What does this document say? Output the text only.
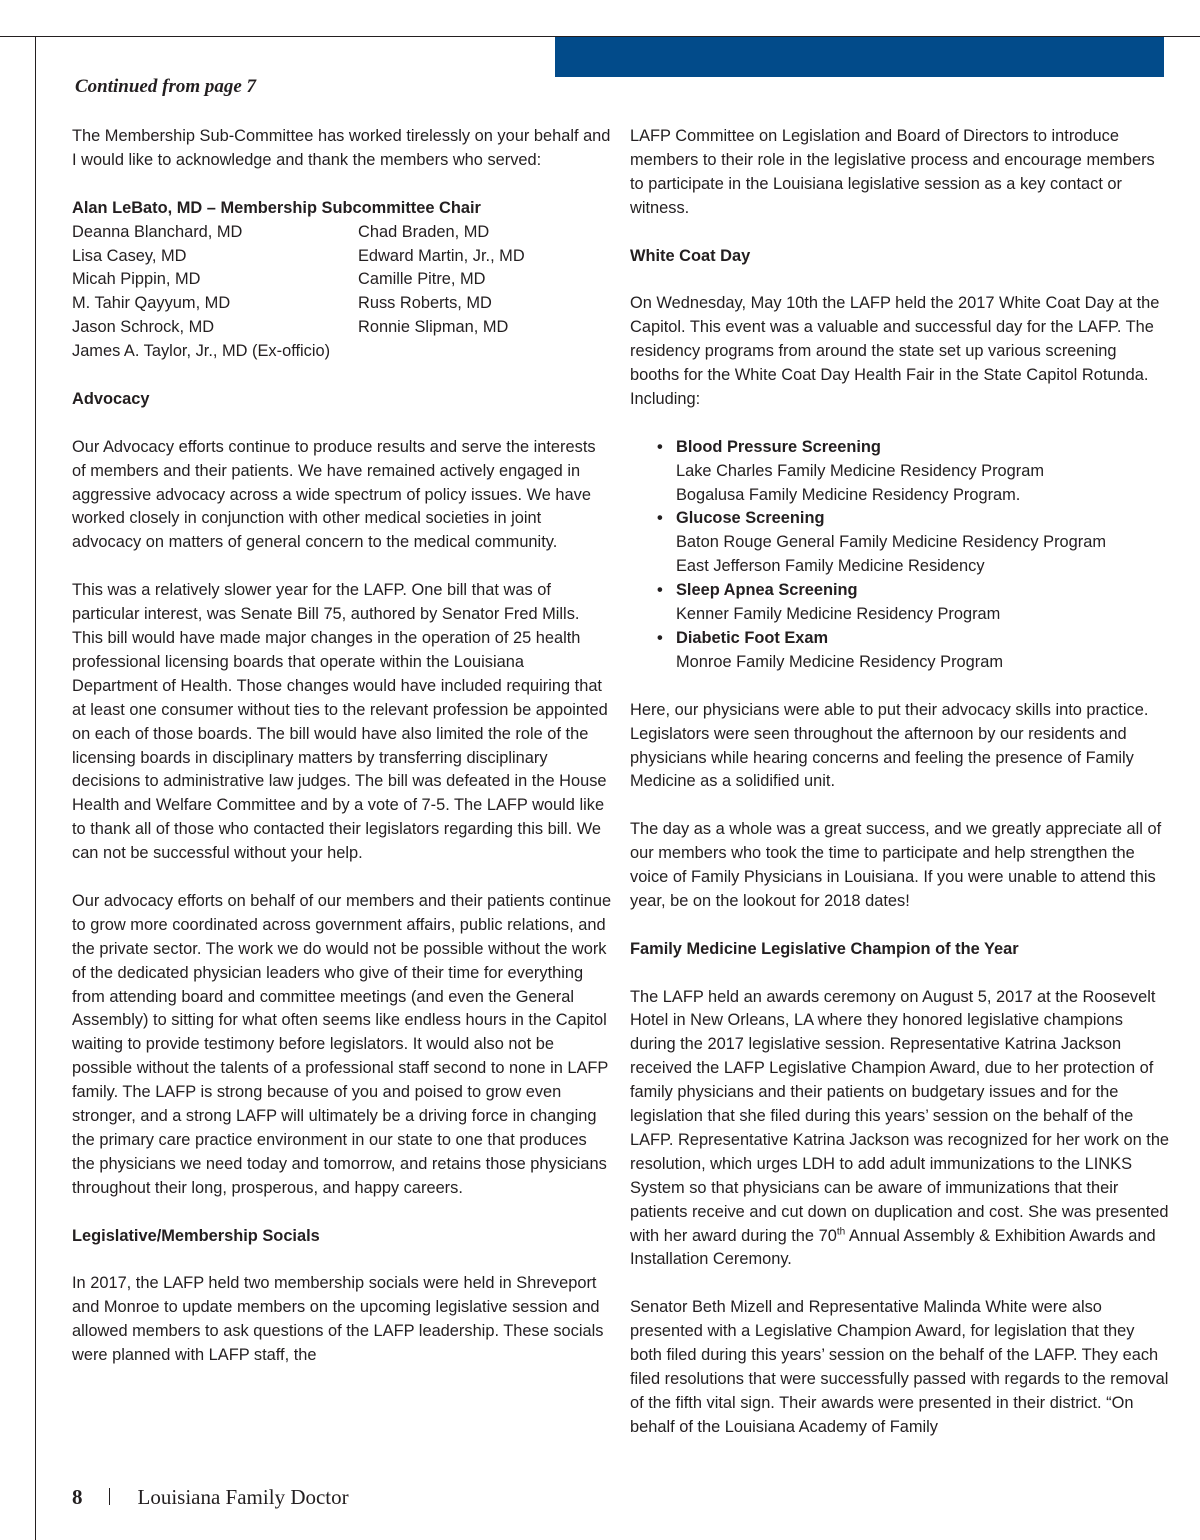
Continued from page 7

The Membership Sub-Committee has worked tirelessly on your behalf and I would like to acknowledge and thank the members who served:

Alan LeBato, MD – Membership Subcommittee Chair

Deanna Blanchard, MD	Chad Braden, MD
Lisa Casey, MD	Edward Martin, Jr., MD
Micah Pippin, MD	Camille Pitre, MD
M. Tahir Qayyum, MD	Russ Roberts, MD
Jason Schrock, MD	Ronnie Slipman, MD

James A. Taylor, Jr., MD (Ex-officio)

Advocacy

Our Advocacy efforts continue to produce results and serve the interests of members and their patients. We have remained actively engaged in aggressive advocacy across a wide spectrum of policy issues. We have worked closely in conjunction with other medical societies in joint advocacy on matters of general concern to the medical community.

This was a relatively slower year for the LAFP. One bill that was of particular interest, was Senate Bill 75, authored by Senator Fred Mills. This bill would have made major changes in the operation of 25 health professional licensing boards that operate within the Louisiana Department of Health. Those changes would have included requiring that at least one consumer without ties to the relevant profession be appointed on each of those boards. The bill would have also limited the role of the licensing boards in disciplinary matters by transferring disciplinary decisions to administrative law judges. The bill was defeated in the House Health and Welfare Committee and by a vote of 7-5. The LAFP would like to thank all of those who contacted their legislators regarding this bill. We can not be successful without your help.

Our advocacy efforts on behalf of our members and their patients continue to grow more coordinated across government affairs, public relations, and the private sector. The work we do would not be possible without the work of the dedicated physician leaders who give of their time for everything from attending board and committee meetings (and even the General Assembly) to sitting for what often seems like endless hours in the Capitol waiting to provide testimony before legislators. It would also not be possible without the talents of a professional staff second to none in LAFP family. The LAFP is strong because of you and poised to grow even stronger, and a strong LAFP will ultimately be a driving force in changing the primary care practice environment in our state to one that produces the physicians we need today and tomorrow, and retains those physicians throughout their long, prosperous, and happy careers.

Legislative/Membership Socials

In 2017, the LAFP held two membership socials were held in Shreveport and Monroe to update members on the upcoming legislative session and allowed members to ask questions of the LAFP leadership. These socials were planned with LAFP staff, the

LAFP Committee on Legislation and Board of Directors to introduce members to their role in the legislative process and encourage members to participate in the Louisiana legislative session as a key contact or witness.

White Coat Day

On Wednesday, May 10th the LAFP held the 2017 White Coat Day at the Capitol. This event was a valuable and successful day for the LAFP. The residency programs from around the state set up various screening booths for the White Coat Day Health Fair in the State Capitol Rotunda. Including:

• Blood Pressure Screening
Lake Charles Family Medicine Residency Program
Bogalusa Family Medicine Residency Program.
• Glucose Screening
Baton Rouge General Family Medicine Residency Program
East Jefferson Family Medicine Residency
• Sleep Apnea Screening
Kenner Family Medicine Residency Program
• Diabetic Foot Exam
Monroe Family Medicine Residency Program

Here, our physicians were able to put their advocacy skills into practice. Legislators were seen throughout the afternoon by our residents and physicians while hearing concerns and feeling the presence of Family Medicine as a solidified unit.

The day as a whole was a great success, and we greatly appreciate all of our members who took the time to participate and help strengthen the voice of Family Physicians in Louisiana. If you were unable to attend this year, be on the lookout for 2018 dates!

Family Medicine Legislative Champion of the Year

The LAFP held an awards ceremony on August 5, 2017 at the Roosevelt Hotel in New Orleans, LA where they honored legislative champions during the 2017 legislative session. Representative Katrina Jackson received the LAFP Legislative Champion Award, due to her protection of family physicians and their patients on budgetary issues and for the legislation that she filed during this years’ session on the behalf of the LAFP. Representative Katrina Jackson was recognized for her work on the resolution, which urges LDH to add adult immunizations to the LINKS System so that physicians can be aware of immunizations that their patients receive and cut down on duplication and cost. She was presented with her award during the 70th Annual Assembly & Exhibition Awards and Installation Ceremony.

Senator Beth Mizell and Representative Malinda White were also presented with a Legislative Champion Award, for legislation that they both filed during this years’ session on the behalf of the LAFP. They each filed resolutions that were successfully passed with regards to the removal of the fifth vital sign. Their awards were presented in their district. “On behalf of the Louisiana Academy of Family

8	Louisiana Family Doctor
